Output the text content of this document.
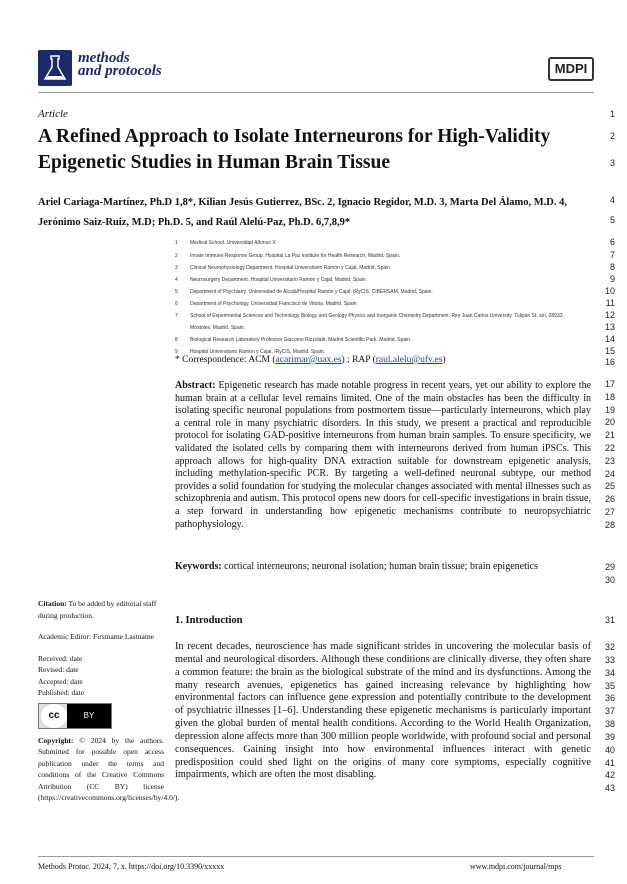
methods
and protocols	MDPI
Article
A Refined Approach to Isolate Interneurons for High-Validity
Epigenetic Studies in Human Brain Tissue
Ariel Cariaga-Martínez, Ph.D 1,8*, Kilian Jesús Gutierrez, BSc. 2, Ignacio Regidor, M.D. 3, Marta Del Álamo, M.D. 4,
Jerónimo Saiz-Ruiz, M.D; Ph.D. 5, and Raúl Alelú-Paz, Ph.D. 6,7,8,9*
1 Medical School. Universidad Alfonso X
2 Innate Immune Response Group. Hospital La Paz Institute for Health Research, Madrid, Spain.
3 Clinical Neurophysiology Department. Hospital Universitario Ramón y Cajal, Madrid, Spain.
4 Neurosurgery Department. Hospital Universitario Ramón y Cajal, Madrid, Spain.
5 Department of Psychiatry. Universidad de Alcalá/Hospital Ramón y Cajal, IRyCIS, CIBERSAM, Madrid, Spain.
6 Department of Psychology. Universidad Francisco de Vitoria. Madrid. Spain
7 School of Experimental Sciences and Technology Biology and Geology Physics and Inorganic Chemistry Department. Rey Juan Carlos University. Tulipán St, s/n, 28933.
Móstoles. Madrid. Spain.
8 Biological Research Laboratory Professor Giacomo Rizzolatti. Madrid Scientific Park. Madrid, Spain.
9 Hospital Universitario Ramón y Cajal, IRyCIS, Madrid. Spain.
* Correspondence: ACM (acarimar@uax.es) ; RAP (raul.alelu@ufv.es)
Abstract: Epigenetic research has made notable progress in recent years, yet our ability to explore the human brain at a cellular level remains limited. One of the main obstacles has been the difficulty in isolating specific neuronal populations from postmortem tissue—particularly interneurons, which play a central role in many psychiatric disorders. In this study, we present a practical and reproducible protocol for isolating GAD-positive interneurons from human brain samples. To ensure specificity, we validated the isolated cells by comparing them with interneurons derived from human iPSCs. This approach allows for high-quality DNA extraction suitable for downstream epigenetic analysis, including methylation-specific PCR. By targeting a well-defined neuronal subtype, our method provides a solid foundation for studying the molecular changes associated with mental illnesses such as schizophrenia and autism. This protocol opens new doors for cell-specific investigations in brain tissue, a step forward in understanding how epigenetic mechanisms contribute to neuropsychiatric pathophysiology.
Keywords: cortical interneurons; neuronal isolation; human brain tissue; brain epigenetics
1. Introduction
In recent decades, neuroscience has made significant strides in uncovering the molecular basis of mental and neurological disorders. Although these conditions are clinically diverse, they often share a common feature: the brain as the biological substrate of the mind and its dysfunctions. Among the many research avenues, epigenetics has gained increasing relevance by highlighting how environmental factors can influence gene expression and potentially contribute to the development of psychiatric illnesses [1–6]. Understanding these epigenetic mechanisms is particularly important given the global burden of mental health conditions. According to the World Health Organization, depression alone affects more than 300 million people worldwide, with profound social and personal consequences. Gaining insight into how environmental influences interact with genetic predisposition could shed light on the origins of many core symptoms, especially cognitive impairments, which are often the most disabling.

Citation: To be added by editorial staff during production.

Academic Editor: Firstname Lastname

Received: date
Revised: date
Accepted: date
Published: date
cc	BY

Copyright: © 2024 by the authors. Submitted for possible open access publication under the terms and conditions of the Creative Commons Attribution (CC BY) license (https://creativecommons.org/licenses/by/4.0/).

1
2
3
4
5
6
7
8
9
10
11
12
13
14
15
16
17
18
19
20
21
22
23
24
25
26
27
28
29
30
31
32
33
34
35
36
37
38
39
40
41
42
43
Methods Protoc. 2024, 7, x. https://doi.org/10.3390/xxxxx	www.mdpi.com/journal/mps
